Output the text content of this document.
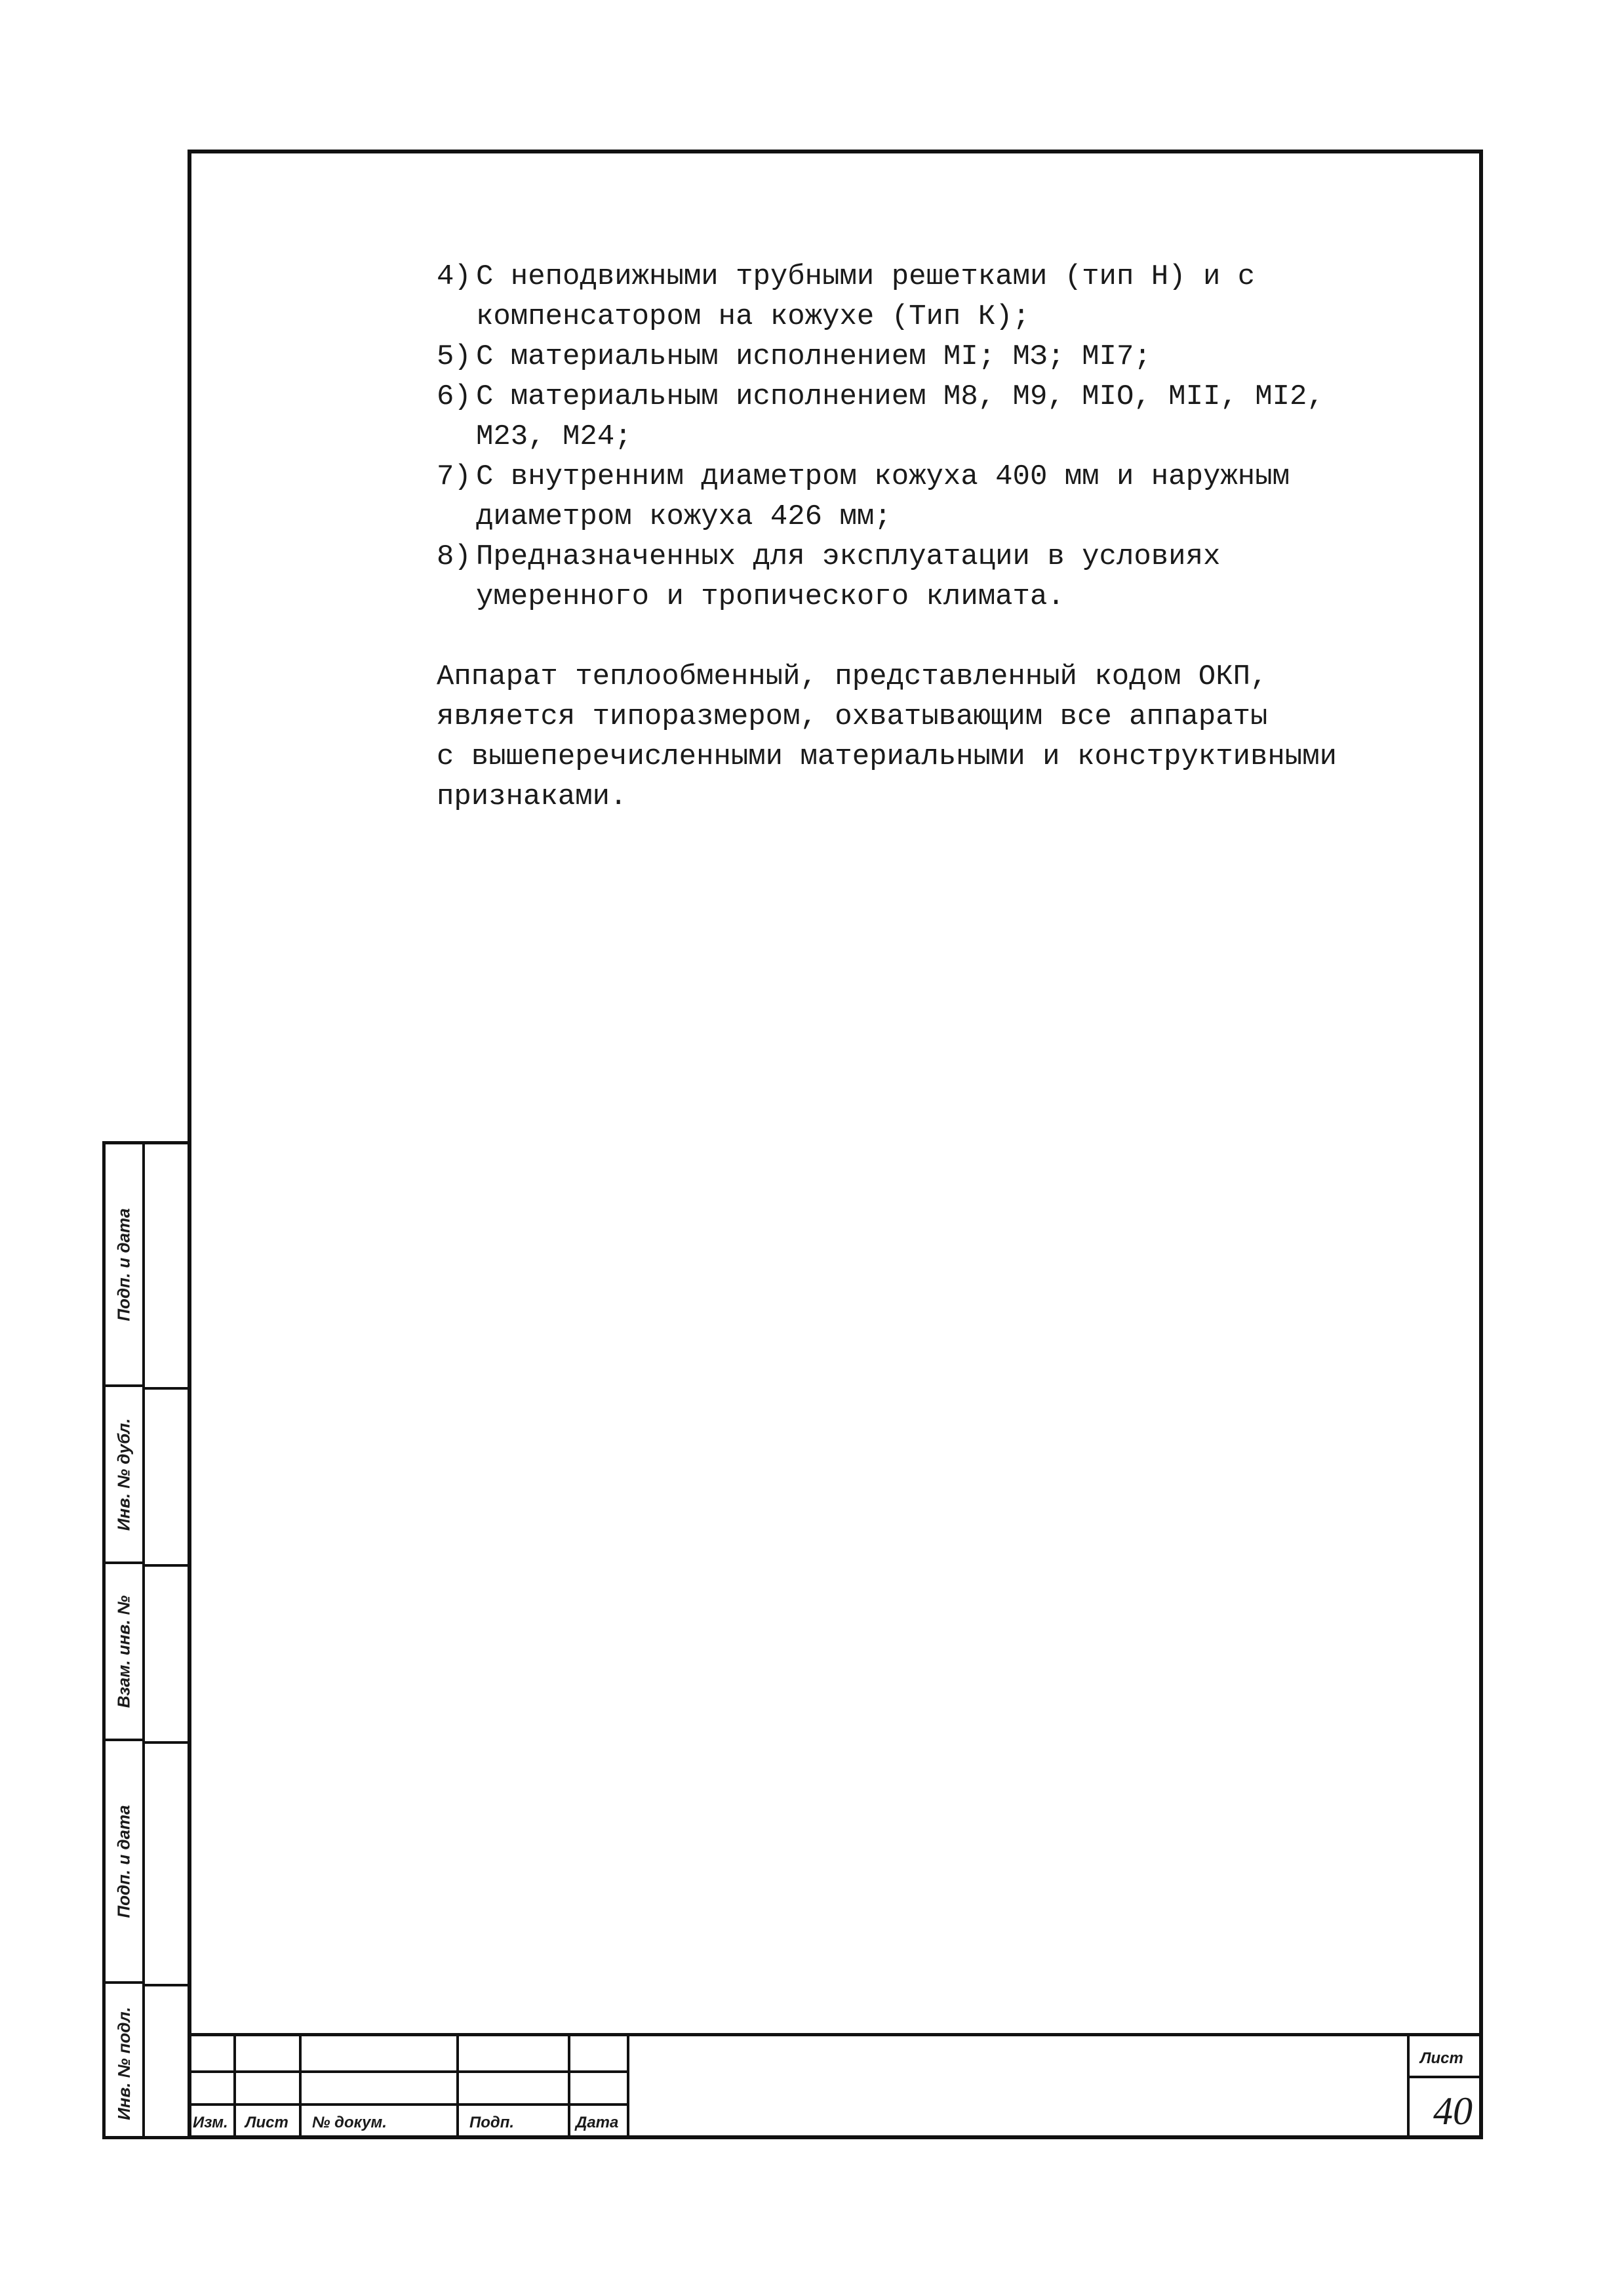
4) С неподвижными трубными решетками (тип Н) и с
компенсатором на кожухе (Тип К);
5) С материальным исполнением МI; МЗ; МI7;
6) С материальным исполнением М8, М9, МIO, МII, МI2,
М23, М24;
7) С внутренним диаметром кожуха 400 мм и наружным
диаметром кожуха 426 мм;
8) Предназначенных для эксплуатации в условиях
умеренного и тропического климата.
Аппарат теплообменный, представленный кодом ОКП,
является типоразмером, охватывающим все аппараты
с вышеперечисленными материальными и конструктивными
признаками.
Подп. и дата
Инв. № дубл.
Взам. инв. №
Подп. и дата
Инв. № подл.
Изм. Лист № докум.	Подп.	Дата
Лист
40
